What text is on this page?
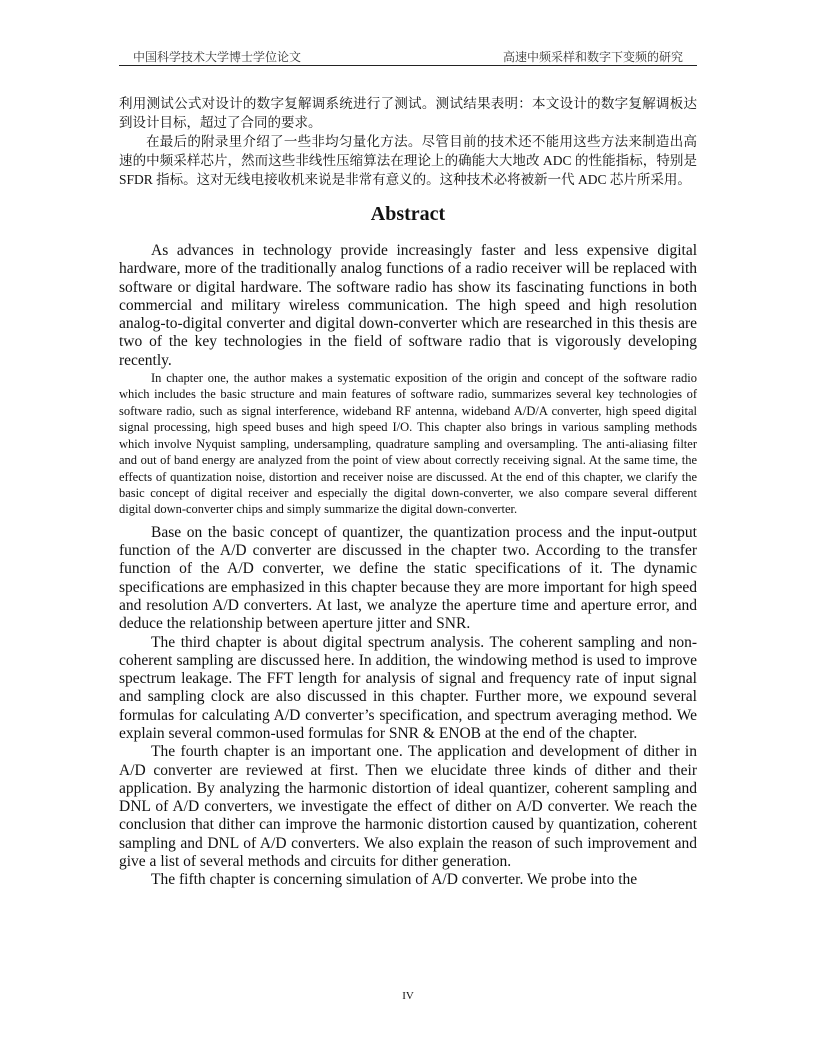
中国科学技术大学博士学位论文	高速中频采样和数字下变频的研究

利用测试公式对设计的数字复解调系统进行了测试。测试结果表明：本文设计的数字复解调板达到设计目标，超过了合同的要求。

在最后的附录里介绍了一些非均匀量化方法。尽管目前的技术还不能用这些方法来制造出高速的中频采样芯片，然而这些非线性压缩算法在理论上的确能大大地改 ADC 的性能指标，特别是 SFDR 指标。这对无线电接收机来说是非常有意义的。这种技术必将被新一代 ADC 芯片所采用。

Abstract

As advances in technology provide increasingly faster and less expensive digital hardware, more of the traditionally analog functions of a radio receiver will be replaced with software or digital hardware. The software radio has show its fascinating functions in both commercial and military wireless communication. The high speed and high resolution analog-to-digital converter and digital down-converter which are researched in this thesis are two of the key technologies in the field of software radio that is vigorously developing recently.

In chapter one, the author makes a systematic exposition of the origin and concept of the software radio which includes the basic structure and main features of software radio, summarizes several key technologies of software radio, such as signal interference, wideband RF antenna, wideband A/D/A converter, high speed digital signal processing, high speed buses and high speed I/O. This chapter also brings in various sampling methods which involve Nyquist sampling, undersampling, quadrature sampling and oversampling. The anti-aliasing filter and out of band energy are analyzed from the point of view about correctly receiving signal. At the same time, the effects of quantization noise, distortion and receiver noise are discussed. At the end of this chapter, we clarify the basic concept of digital receiver and especially the digital down-converter, we also compare several different digital down-converter chips and simply summarize the digital down-converter.

Base on the basic concept of quantizer, the quantization process and the input-output function of the A/D converter are discussed in the chapter two. According to the transfer function of the A/D converter, we define the static specifications of it. The dynamic specifications are emphasized in this chapter because they are more important for high speed and resolution A/D converters. At last, we analyze the aperture time and aperture error, and deduce the relationship between aperture jitter and SNR.

The third chapter is about digital spectrum analysis. The coherent sampling and non-coherent sampling are discussed here. In addition, the windowing method is used to improve spectrum leakage. The FFT length for analysis of signal and frequency rate of input signal and sampling clock are also discussed in this chapter. Further more, we expound several formulas for calculating A/D converter’s specification, and spectrum averaging method. We explain several common-used formulas for SNR & ENOB at the end of the chapter.

The fourth chapter is an important one. The application and development of dither in A/D converter are reviewed at first. Then we elucidate three kinds of dither and their application. By analyzing the harmonic distortion of ideal quantizer, coherent sampling and DNL of A/D converters, we investigate the effect of dither on A/D converter. We reach the conclusion that dither can improve the harmonic distortion caused by quantization, coherent sampling and DNL of A/D converters. We also explain the reason of such improvement and give a list of several methods and circuits for dither generation.

The fifth chapter is concerning simulation of A/D converter. We probe into the

IV
